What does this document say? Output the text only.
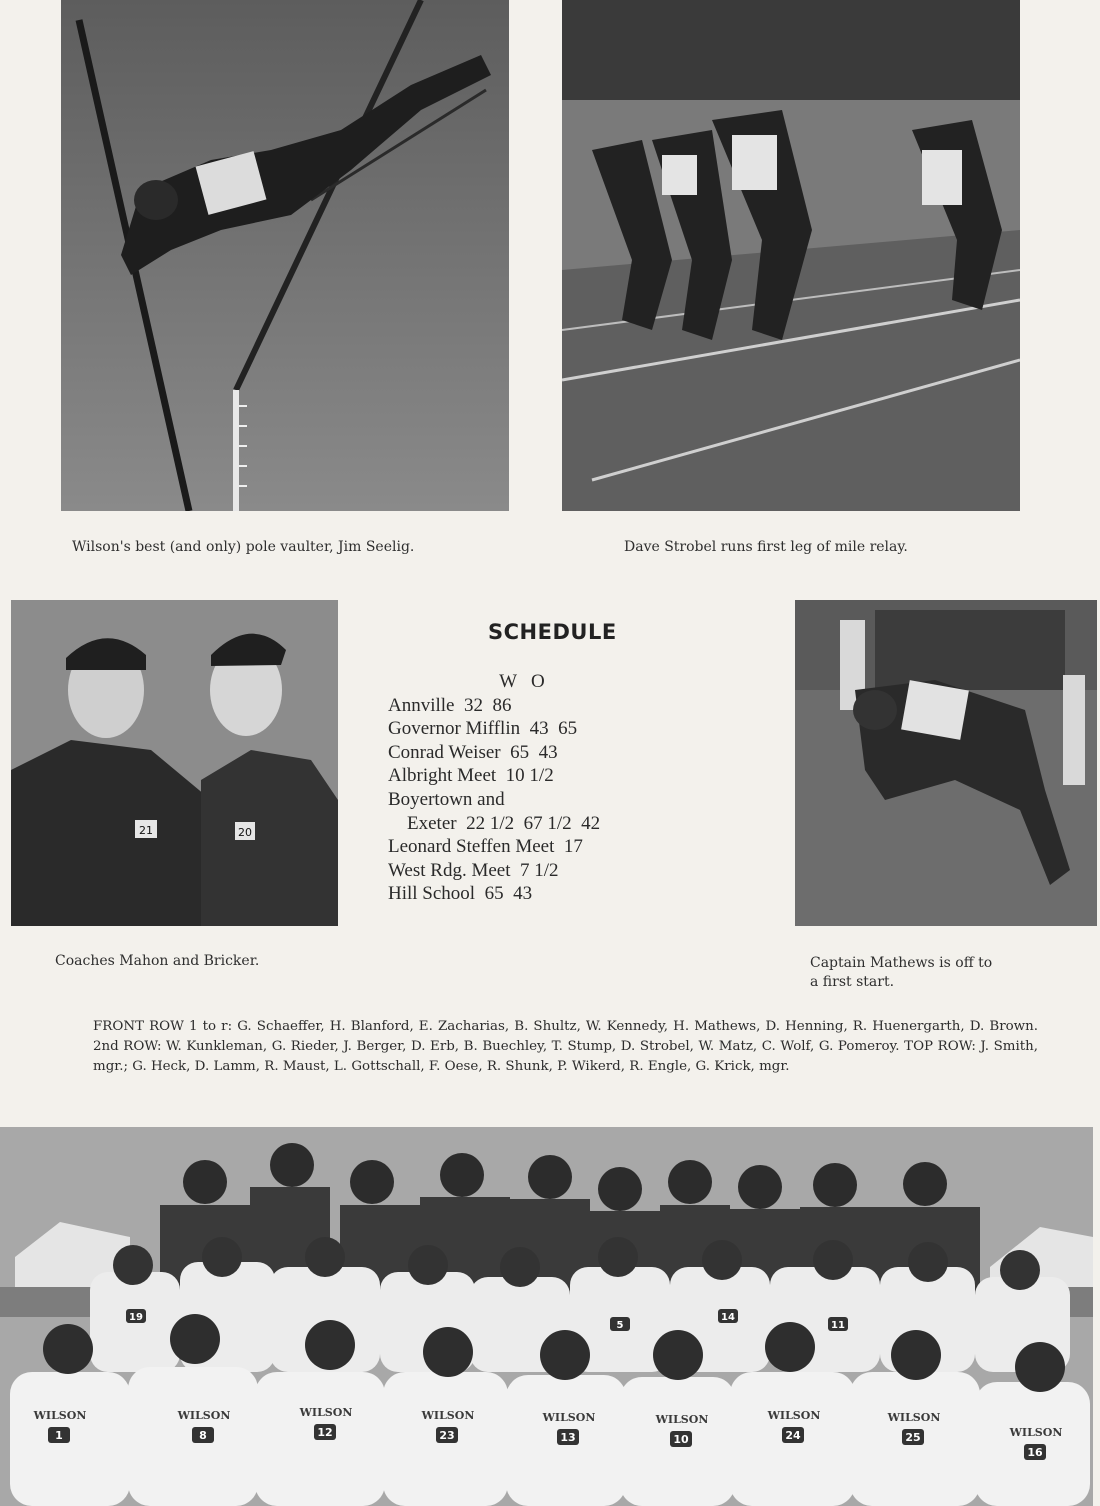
Wilson's best (and only) pole vaulter, Jim Seelig.	Dave Strobel runs first leg of mile relay.
21	20
Coaches Mahon and Bricker.
SCHEDULE
W   O
Annville  32  86
Governor Mifflin  43  65
Conrad Weiser  65  43
Albright Meet  10 1/2
Boyertown and
Exeter  22 1/2  67 1/2  42
Leonard Steffen Meet  17
West Rdg. Meet  7 1/2
Hill School  65  43
Captain Mathews is off to
a first start.
FRONT ROW 1 to r: G. Schaeffer, H. Blanford, E. Zacharias, B. Shultz, W. Kennedy, H. Mathews, D. Henning, R. Huenergarth, D. Brown. 2nd ROW: W. Kunkleman, G. Rieder, J. Berger, D. Erb, B. Buechley, T. Stump, D. Strobel, W. Matz, C. Wolf, G. Pomeroy. TOP ROW: J. Smith, mgr.; G. Heck, D. Lamm, R. Maust, L. Gottschall, F. Oese, R. Shunk, P. Wikerd, R. Engle, G. Krick, mgr.
1	8	12	23	13	10	24	25
16
19
5
14
11
WILSON	WILSON	WILSON	WILSON	WILSON	WILSON	WILSON	WILSON
WILSON
